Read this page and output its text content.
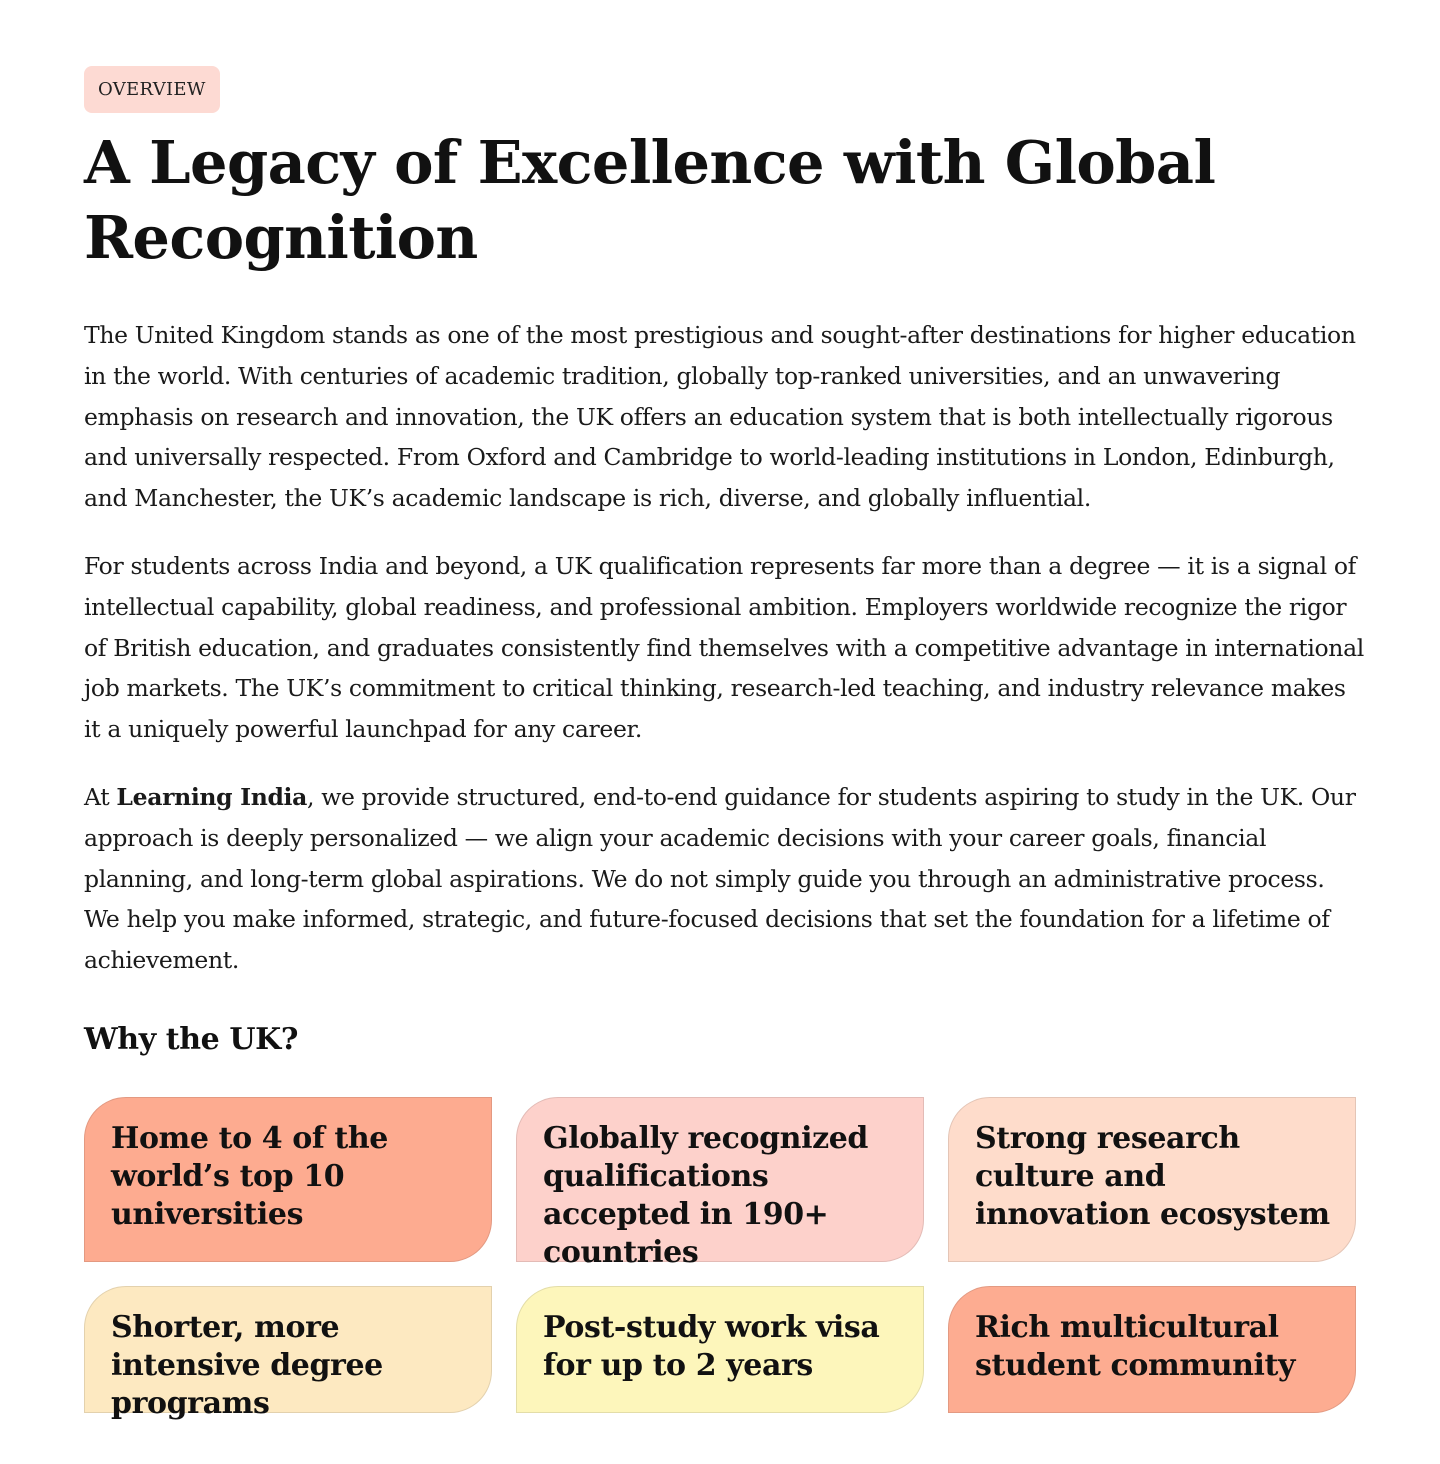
OVERVIEW
A Legacy of Excellence with Global Recognition

The United Kingdom stands as one of the most prestigious and sought-after destinations for higher education in the world. With centuries of academic tradition, globally top-ranked universities, and an unwavering emphasis on research and innovation, the UK offers an education system that is both intellectually rigorous and universally respected. From Oxford and Cambridge to world-leading institutions in London, Edinburgh, and Manchester, the UK’s academic landscape is rich, diverse, and globally influential.

For students across India and beyond, a UK qualification represents far more than a degree — it is a signal of intellectual capability, global readiness, and professional ambition. Employers worldwide recognize the rigor of British education, and graduates consistently find themselves with a competitive advantage in international job markets. The UK’s commitment to critical thinking, research-led teaching, and industry relevance makes it a uniquely powerful launchpad for any career.

At Learning India, we provide structured, end-to-end guidance for students aspiring to study in the UK. Our approach is deeply personalized — we align your academic decisions with your career goals, financial planning, and long-term global aspirations. We do not simply guide you through an administrative process. We help you make informed, strategic, and future-focused decisions that set the foundation for a lifetime of achievement.

Why the UK?
Home to 4 of the world’s top 10 universities
Globally recognized qualifications accepted in 190+ countries
Strong research culture and innovation ecosystem
Shorter, more intensive degree programs
Post-study work visa for up to 2 years
Rich multicultural student community
